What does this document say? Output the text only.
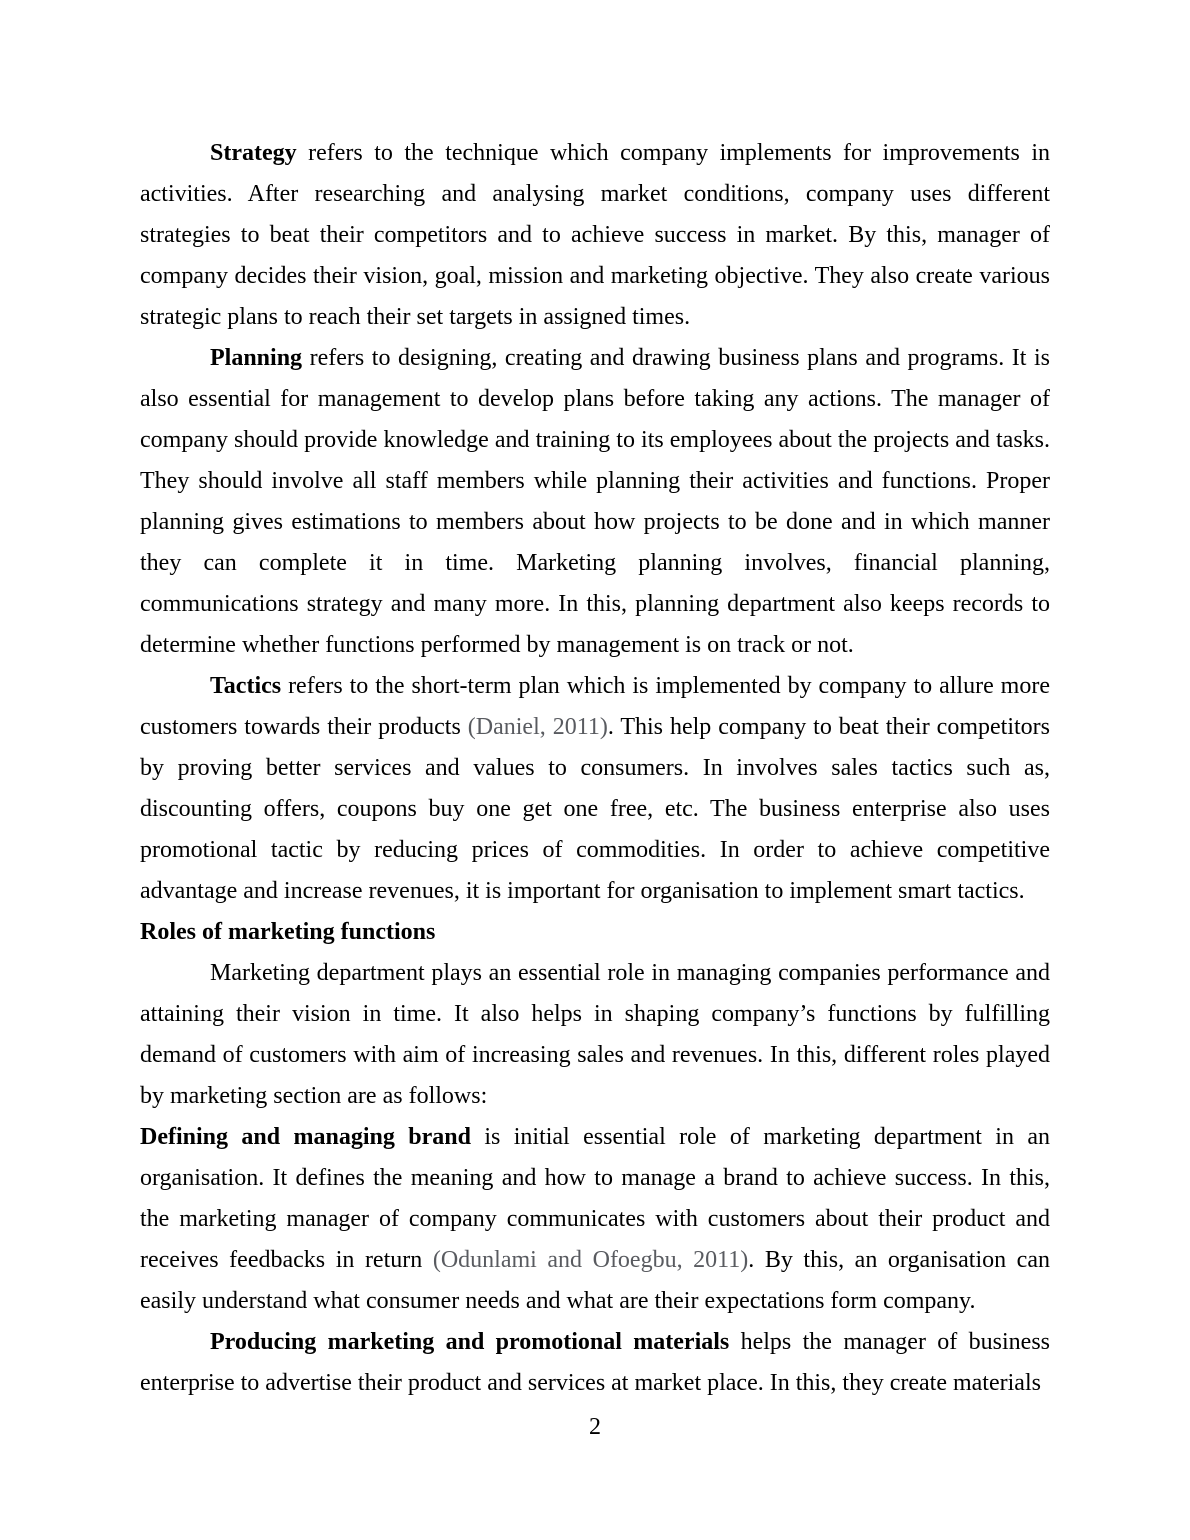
Strategy refers to the technique which company implements for improvements in activities. After researching and analysing market conditions, company uses different strategies to beat their competitors and to achieve success in market. By this, manager of company decides their vision, goal, mission and marketing objective. They also create various strategic plans to reach their set targets in assigned times.

Planning refers to designing, creating and drawing business plans and programs. It is also essential for management to develop plans before taking any actions. The manager of company should provide knowledge and training to its employees about the projects and tasks. They should involve all staff members while planning their activities and functions. Proper planning gives estimations to members about how projects to be done and in which manner they can complete it in time. Marketing planning involves, financial planning, communications strategy and many more. In this, planning department also keeps records to determine whether functions performed by management is on track or not.

Tactics refers to the short-term plan which is implemented by company to allure more customers towards their products (Daniel, 2011). This help company to beat their competitors by proving better services and values to consumers. In involves sales tactics such as, discounting offers, coupons buy one get one free, etc. The business enterprise also uses promotional tactic by reducing prices of commodities. In order to achieve competitive advantage and increase revenues, it is important for organisation to implement smart tactics.

Roles of marketing functions

Marketing department plays an essential role in managing companies performance and attaining their vision in time. It also helps in shaping company’s functions by fulfilling demand of customers with aim of increasing sales and revenues. In this, different roles played by marketing section are as follows:

Defining and managing brand is initial essential role of marketing department in an organisation. It defines the meaning and how to manage a brand to achieve success. In this, the marketing manager of company communicates with customers about their product and receives feedbacks in return (Odunlami and Ofoegbu, 2011). By this, an organisation can easily understand what consumer needs and what are their expectations form company.

Producing marketing and promotional materials helps the manager of business enterprise to advertise their product and services at market place. In this, they create materials

2
